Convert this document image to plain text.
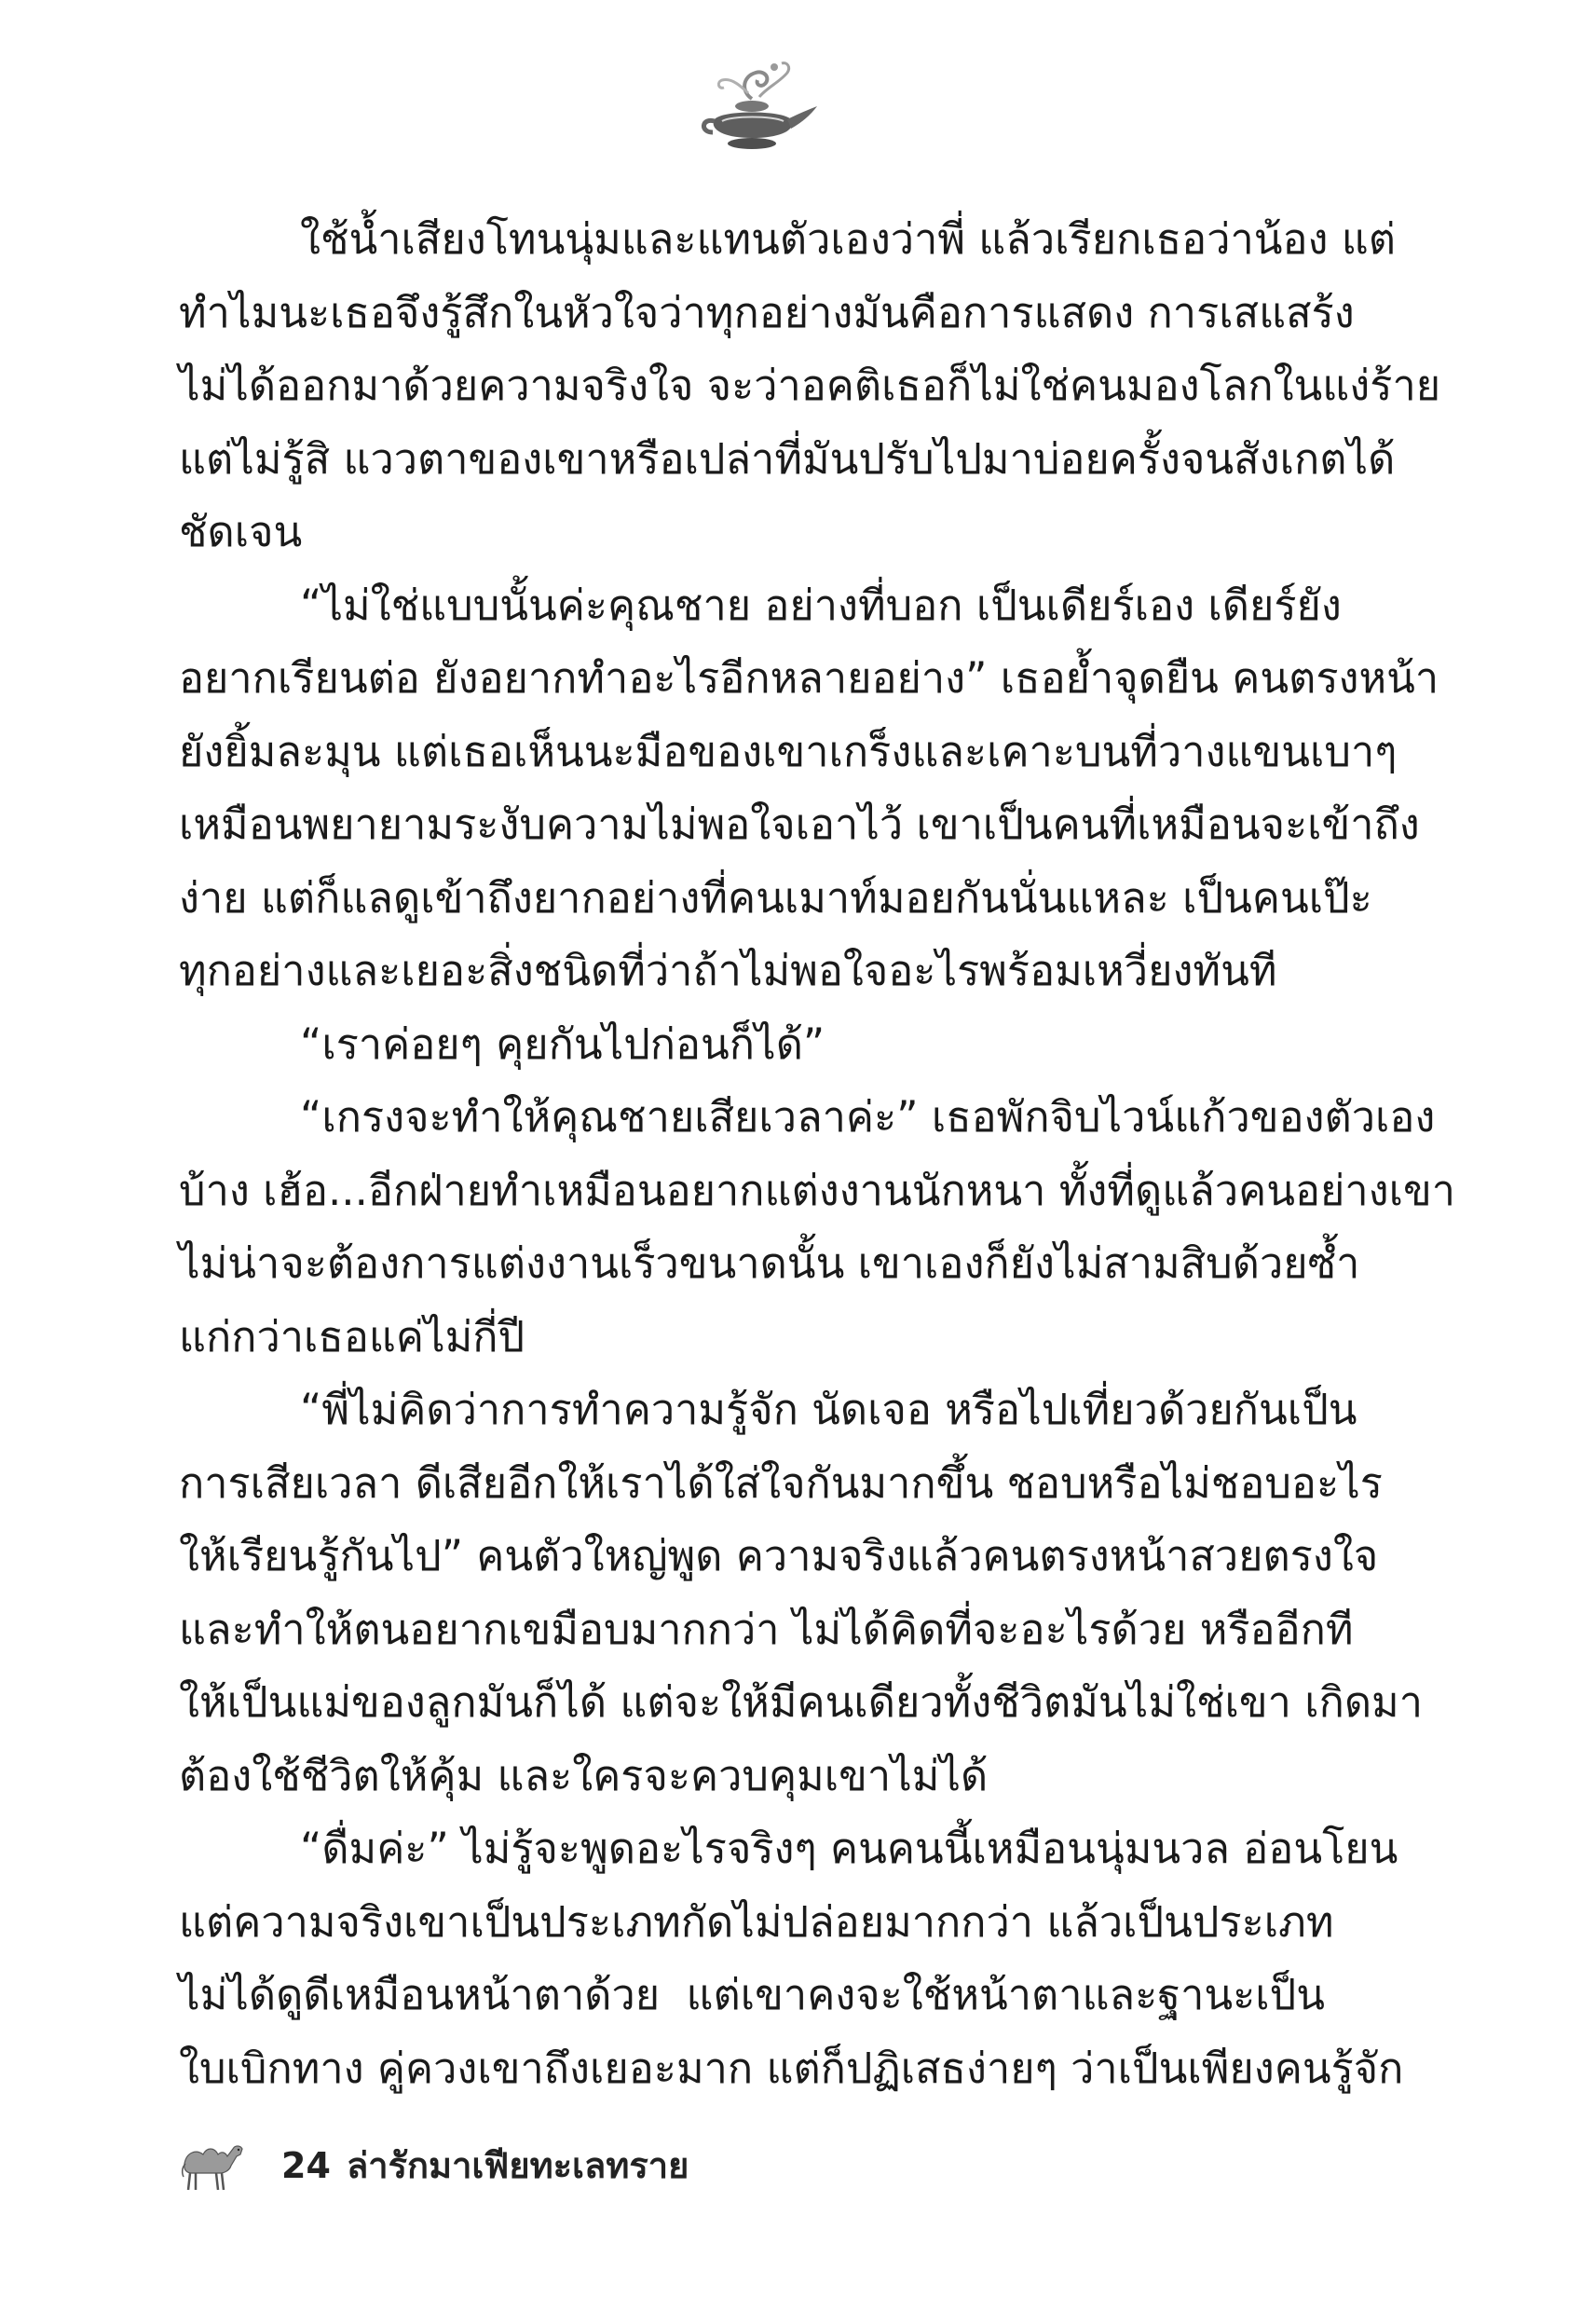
ใช้น้ำเสียงโทนนุ่มและแทนตัวเองว่าพี่ แล้วเรียกเธอว่าน้อง แต่
ทำไมนะเธอจึงรู้สึกในหัวใจว่าทุกอย่างมันคือการแสดง การเสแสร้ง
ไม่ได้ออกมาด้วยความจริงใจ จะว่าอคติเธอก็ไม่ใช่คนมองโลกในแง่ร้าย
แต่ไม่รู้สิ แววตาของเขาหรือเปล่าที่มันปรับไปมาบ่อยครั้งจนสังเกตได้
ชัดเจน
“ไม่ใช่แบบนั้นค่ะคุณชาย อย่างที่บอก เป็นเดียร์เอง เดียร์ยัง
อยากเรียนต่อ ยังอยากทำอะไรอีกหลายอย่าง” เธอย้ำจุดยืน คนตรงหน้า
ยังยิ้มละมุน แต่เธอเห็นนะมือของเขาเกร็งและเคาะบนที่วางแขนเบาๆ
เหมือนพยายามระงับความไม่พอใจเอาไว้ เขาเป็นคนที่เหมือนจะเข้าถึง
ง่าย แต่ก็แลดูเข้าถึงยากอย่างที่คนเมาท์มอยกันนั่นแหละ เป็นคนเป๊ะ
ทุกอย่างและเยอะสิ่งชนิดที่ว่าถ้าไม่พอใจอะไรพร้อมเหวี่ยงทันที
“เราค่อยๆ คุยกันไปก่อนก็ได้”
“เกรงจะทำให้คุณชายเสียเวลาค่ะ” เธอพักจิบไวน์แก้วของตัวเอง
บ้าง เฮ้อ...อีกฝ่ายทำเหมือนอยากแต่งงานนักหนา ทั้งที่ดูแล้วคนอย่างเขา
ไม่น่าจะต้องการแต่งงานเร็วขนาดนั้น เขาเองก็ยังไม่สามสิบด้วยซ้ำ
แก่กว่าเธอแค่ไม่กี่ปี
“พี่ไม่คิดว่าการทำความรู้จัก นัดเจอ หรือไปเที่ยวด้วยกันเป็น
การเสียเวลา ดีเสียอีกให้เราได้ใส่ใจกันมากขึ้น ชอบหรือไม่ชอบอะไร
ให้เรียนรู้กันไป” คนตัวใหญ่พูด ความจริงแล้วคนตรงหน้าสวยตรงใจ
และทำให้ตนอยากเขมือบมากกว่า ไม่ได้คิดที่จะอะไรด้วย หรืออีกที
ให้เป็นแม่ของลูกมันก็ได้ แต่จะให้มีคนเดียวทั้งชีวิตมันไม่ใช่เขา เกิดมา
ต้องใช้ชีวิตให้คุ้ม และใครจะควบคุมเขาไม่ได้
“ดื่มค่ะ” ไม่รู้จะพูดอะไรจริงๆ คนคนนี้เหมือนนุ่มนวล อ่อนโยน
แต่ความจริงเขาเป็นประเภทกัดไม่ปล่อยมากกว่า แล้วเป็นประเภท
ไม่ได้ดูดีเหมือนหน้าตาด้วย แต่เขาคงจะใช้หน้าตาและฐานะเป็น
ใบเบิกทาง คู่ควงเขาถึงเยอะมาก แต่ก็ปฏิเสธง่ายๆ ว่าเป็นเพียงคนรู้จัก
24 ล่ารักมาเฟียทะเลทราย
